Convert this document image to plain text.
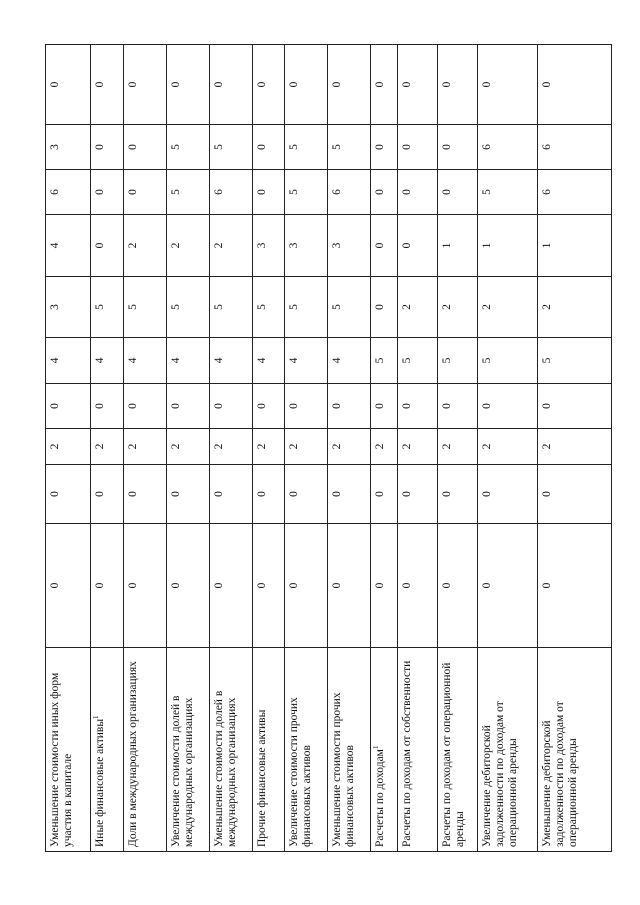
Уменьшение стоимости иных форм участия в капитале	0	0	2	0	4	3	4	6	3	0
Иные финансовые активы$^1$	0	0	2	0	4	5	0	0	0	0
Доли в международных организациях	0	0	2	0	4	5	2	0	0	0
Увеличение стоимости долей в международных организациях	0	0	2	0	4	5	2	5	5	0
Уменьшение стоимости долей в международных организациях	0	0	2	0	4	5	2	6	5	0
Прочие финансовые активы	0	0	2	0	4	5	3	0	0	0
Увеличение стоимости прочих финансовых активов	0	0	2	0	4	5	3	5	5	0
Уменьшение стоимости прочих финансовых активов	0	0	2	0	4	5	3	6	5	0
Расчеты по доходам$^1$	0	0	2	0	5	0	0	0	0	0
Расчеты по доходам от собственности	0	0	2	0	5	2	0	0	0	0
Расчеты по доходам от операционной аренды	0	0	2	0	5	2	1	0	0	0
Увеличение дебиторской задолженности по доходам от операционной аренды	0	0	2	0	5	2	1	5	6	0
Уменьшение дебиторской задолженности по доходам от операционной аренды	0	0	2	0	5	2	1	6	6	0
